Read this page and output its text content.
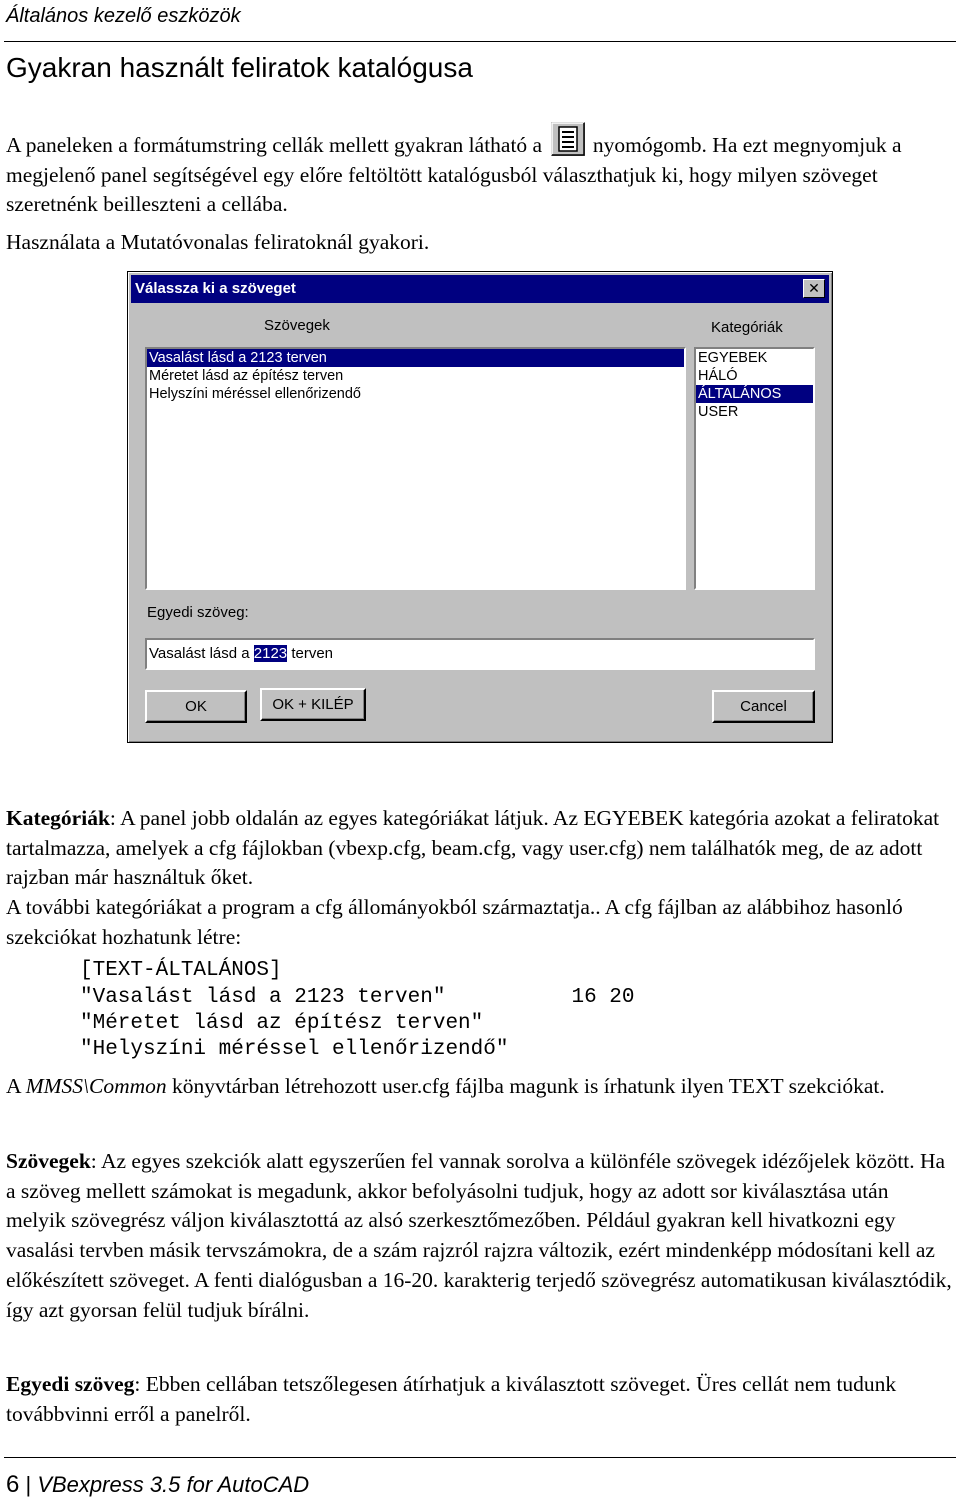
Általános kezelő eszközök
Gyakran használt feliratok katalógusa
A paneleken a formátumstring cellák mellett gyakran látható a nyomógomb. Ha ezt megnyomjuk a megjelenő panel segítségével egy előre feltöltött katalógusból választhatjuk ki, hogy milyen szöveget szeretnénk beilleszteni a cellába.
Használata a Mutatóvonalas feliratoknál gyakori.
Válassza ki a szöveget	✕
Szövegek	Kategóriák
Vasalást lásd a 2123 terven
Méretet lásd az építész terven
Helyszíni méréssel ellenőrizendő
EGYEBEK
HÁLÓ
ÁLTALÁNOS
USER
Egyedi szöveg:
Vasalást lásd a 2123 terven
OK	OK + KILÉP	Cancel
Kategóriák: A panel jobb oldalán az egyes kategóriákat látjuk. Az EGYEBEK kategória azokat a feliratokat tartalmazza, amelyek a cfg fájlokban (vbexp.cfg, beam.cfg, vagy user.cfg) nem találhatók meg, de az adott rajzban már használtuk őket.
A további kategóriákat a program a cfg állományokból származtatja.. A cfg fájlban az alábbihoz hasonló szekciókat hozhatunk létre:
[TEXT-ÁLTALÁNOS]
"Vasalást lásd a 2123 terven"          16 20
"Méretet lásd az építész terven"
"Helyszíni méréssel ellenőrizendő"
A MMSS\Common könyvtárban létrehozott user.cfg fájlba magunk is írhatunk ilyen TEXT szekciókat.
Szövegek: Az egyes szekciók alatt egyszerűen fel vannak sorolva a különféle szövegek idézőjelek között. Ha a szöveg mellett számokat is megadunk, akkor befolyásolni tudjuk, hogy az adott sor kiválasztása után melyik szövegrész váljon kiválasztottá az alsó szerkesztőmezőben. Például gyakran kell hivatkozni egy vasalási tervben másik tervszámokra, de a szám rajzról rajzra változik, ezért mindenképp módosítani kell az előkészített szöveget. A fenti dialógusban a 16-20. karakterig terjedő szövegrész automatikusan kiválasztódik, így azt gyorsan felül tudjuk bírálni.
Egyedi szöveg: Ebben cellában tetszőlegesen átírhatjuk a kiválasztott szöveget. Üres cellát nem tudunk továbbvinni erről a panelről.
6 | VBexpress 3.5 for AutoCAD
